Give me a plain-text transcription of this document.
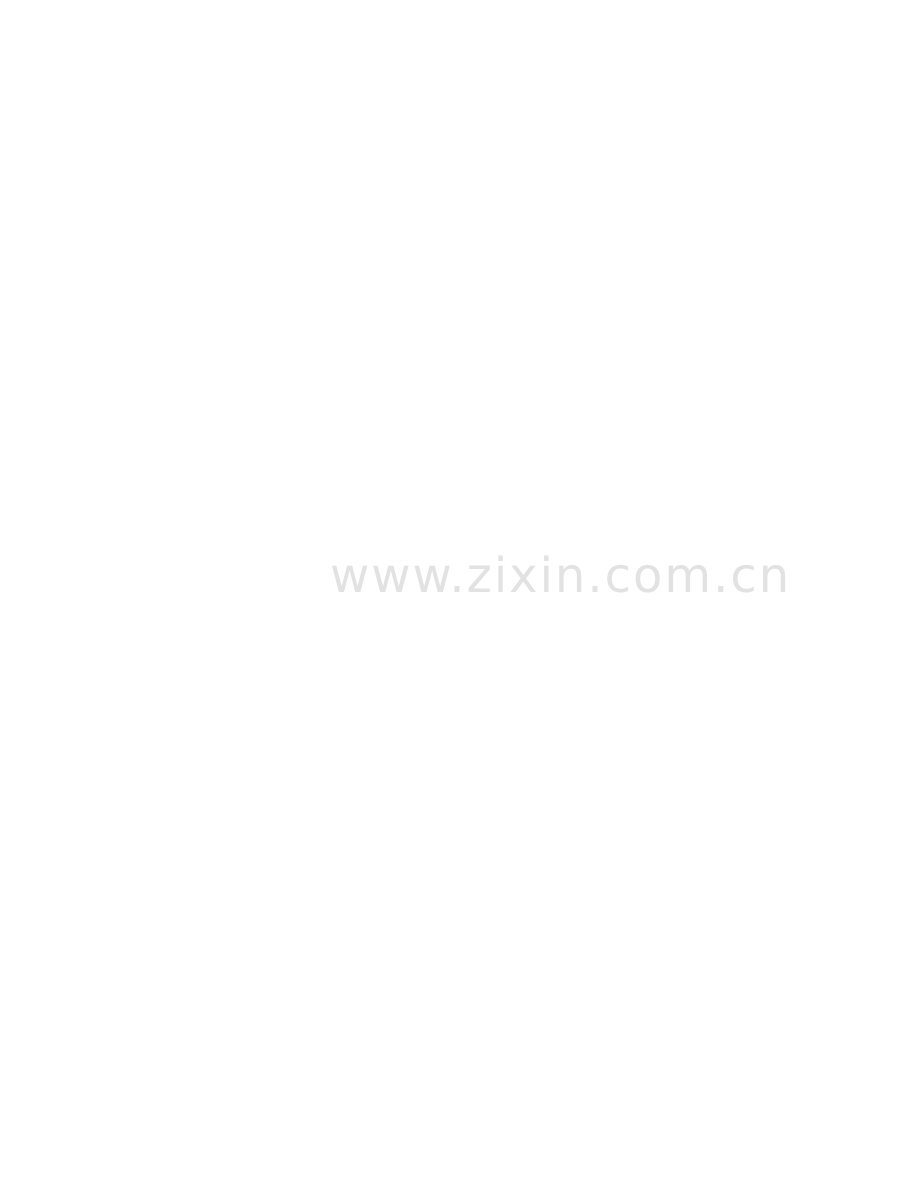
www.zixin.com.cn
